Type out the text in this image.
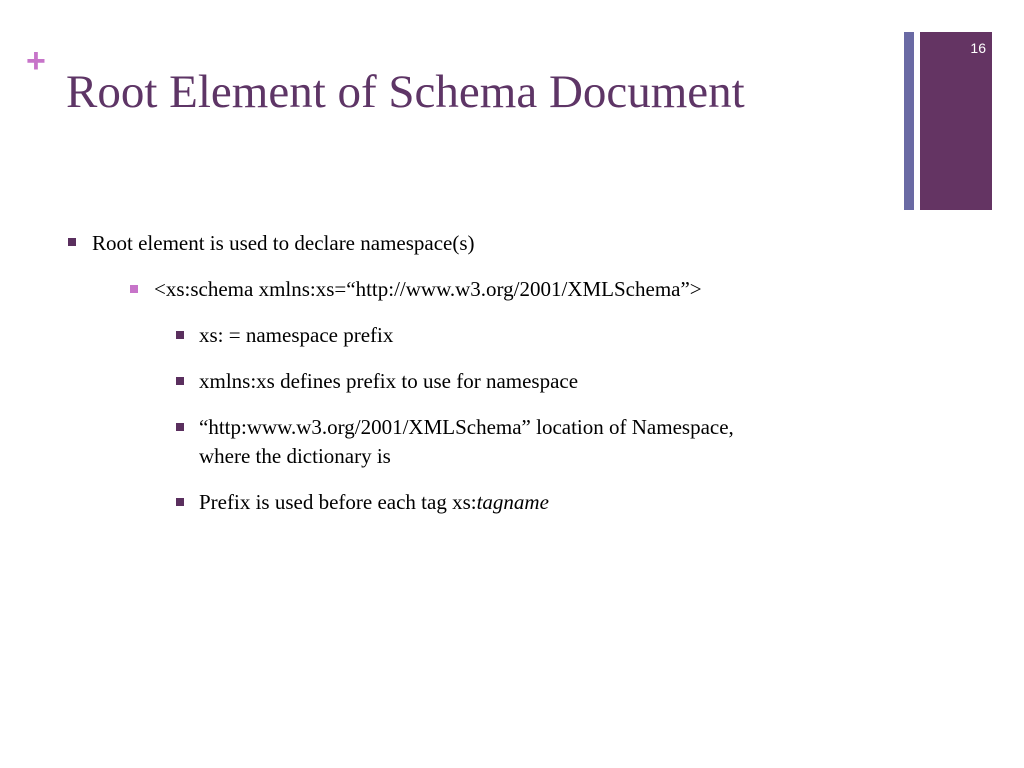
+
Root Element of Schema Document
16
Root element is used to declare namespace(s)
<xs:schema xmlns:xs=“http://www.w3.org/2001/XMLSchema”>
xs: = namespace prefix
xmlns:xs defines prefix to use for namespace
“http:www.w3.org/2001/XMLSchema” location of Namespace,
where the dictionary is
Prefix is used before each tag xs:tagname
